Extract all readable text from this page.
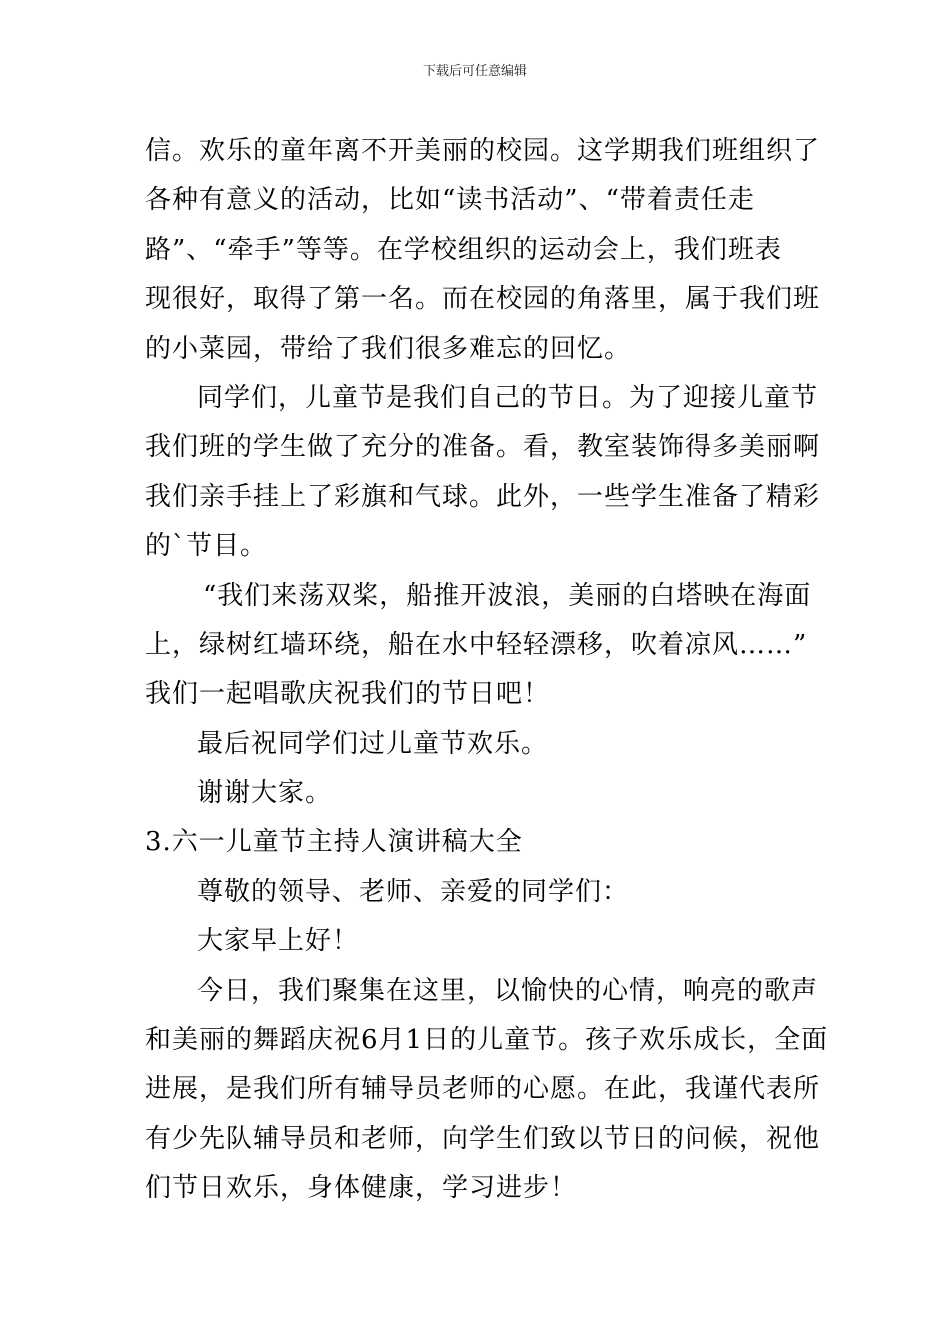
下载后可任意编辑
信。欢乐的童年离不开美丽的校园。这学期我们班组织了
各种有意义的活动，比如“读书活动”、“带着责任走
路”、“牵手”等等。在学校组织的运动会上，我们班表
现很好，取得了第一名。而在校园的角落里，属于我们班
的小菜园，带给了我们很多难忘的回忆。
同学们，儿童节是我们自己的节日。为了迎接儿童节
我们班的学生做了充分的准备。看，教室装饰得多美丽啊
我们亲手挂上了彩旗和气球。此外，一些学生准备了精彩
的`节目。
“我们来荡双桨，船推开波浪，美丽的白塔映在海面
上，绿树红墙环绕，船在水中轻轻漂移，吹着凉风……”
我们一起唱歌庆祝我们的节日吧！
最后祝同学们过儿童节欢乐。
谢谢大家。
3.六一儿童节主持人演讲稿大全
尊敬的领导、老师、亲爱的同学们：
大家早上好！
今日，我们聚集在这里，以愉快的心情，响亮的歌声
和美丽的舞蹈庆祝6月1日的儿童节。孩子欢乐成长，全面
进展，是我们所有辅导员老师的心愿。在此，我谨代表所
有少先队辅导员和老师，向学生们致以节日的问候，祝他
们节日欢乐，身体健康，学习进步！
